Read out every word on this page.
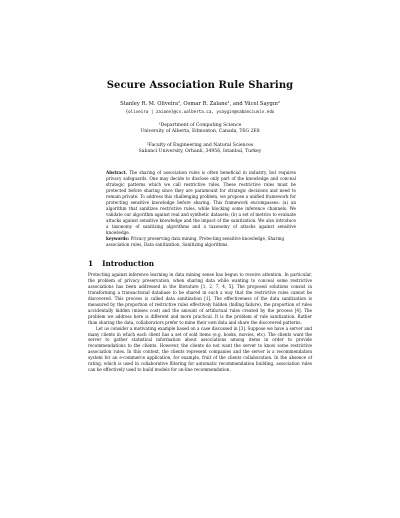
Secure Association Rule Sharing
Stanley R. M. Oliveira¹, Osmar R. Zaïane¹, and Yücel Saygın²
{oliveira | zaiane}@cs.ualberta.ca, ysaygin@sabanciuniv.edu
¹Department of Computing Science
University of Alberta, Edmonton, Canada, T6G 2E8
²Faculty of Engineering and Natural Sciences
Sabanci University, Orhanli, 34956, Istanbul, Turkey
Abstract. The sharing of association rules is often beneficial in industry, but requires privacy safeguards. One may decide to disclose only part of the knowledge and conceal strategic patterns which we call restrictive rules. These restrictive rules must be protected before sharing since they are paramount for strategic decisions and need to remain private. To address this challenging problem, we propose a unified framework for protecting sensitive knowledge before sharing. This framework encompasses: (a) an algorithm that sanitizes restrictive rules, while blocking some inference channels. We validate our algorithm against real and synthetic datasets; (b) a set of metrics to evaluate attacks against sensitive knowledge and the impact of the sanitization. We also introduce a taxonomy of sanitizing algorithms and a taxonomy of attacks against sensitive knowledge.
keywords: Privacy preserving data mining, Protecting sensitive knowledge, Sharing association rules, Data sanitization, Sanitizing algorithms.
1 Introduction

Protecting against inference learning in data mining sense has begun to receive attention. In particular, the problem of privacy preservation, when sharing data while wanting to conceal some restrictive associations has been addressed in the literature [1, 2, 7, 4, 5]. The proposed solutions consist in transforming a transactional database to be shared in such a way that the restrictive rules cannot be discovered. This process is called data sanitization [1]. The effectiveness of the data sanitization is measured by the proportion of restrictive rules effectively hidden (hiding failure), the proportion of rules accidentally hidden (misses cost) and the amount of artifactual rules created by the process [4]. The problem we address here is different and more practical. It is the problem of rule sanitization. Rather than sharing the data, collaborators prefer to mine their own data and share the discovered patterns.

Let us consider a motivating example based on a case discussed in [3]. Suppose we have a server and many clients in which each client has a set of sold items (e.g. books, movies, etc). The clients want the server to gather statistical information about associations among items in order to provide recommendations to the clients. However, the clients do not want the server to know some restrictive association rules. In this context, the clients represent companies and the server is a recommendation system for an e-commerce application, for example, fruit of the clients collaboration. In the absence of rating, which is used in collaborative filtering for automatic recommendation building, association rules can be effectively used to build models for on-line recommendation.
